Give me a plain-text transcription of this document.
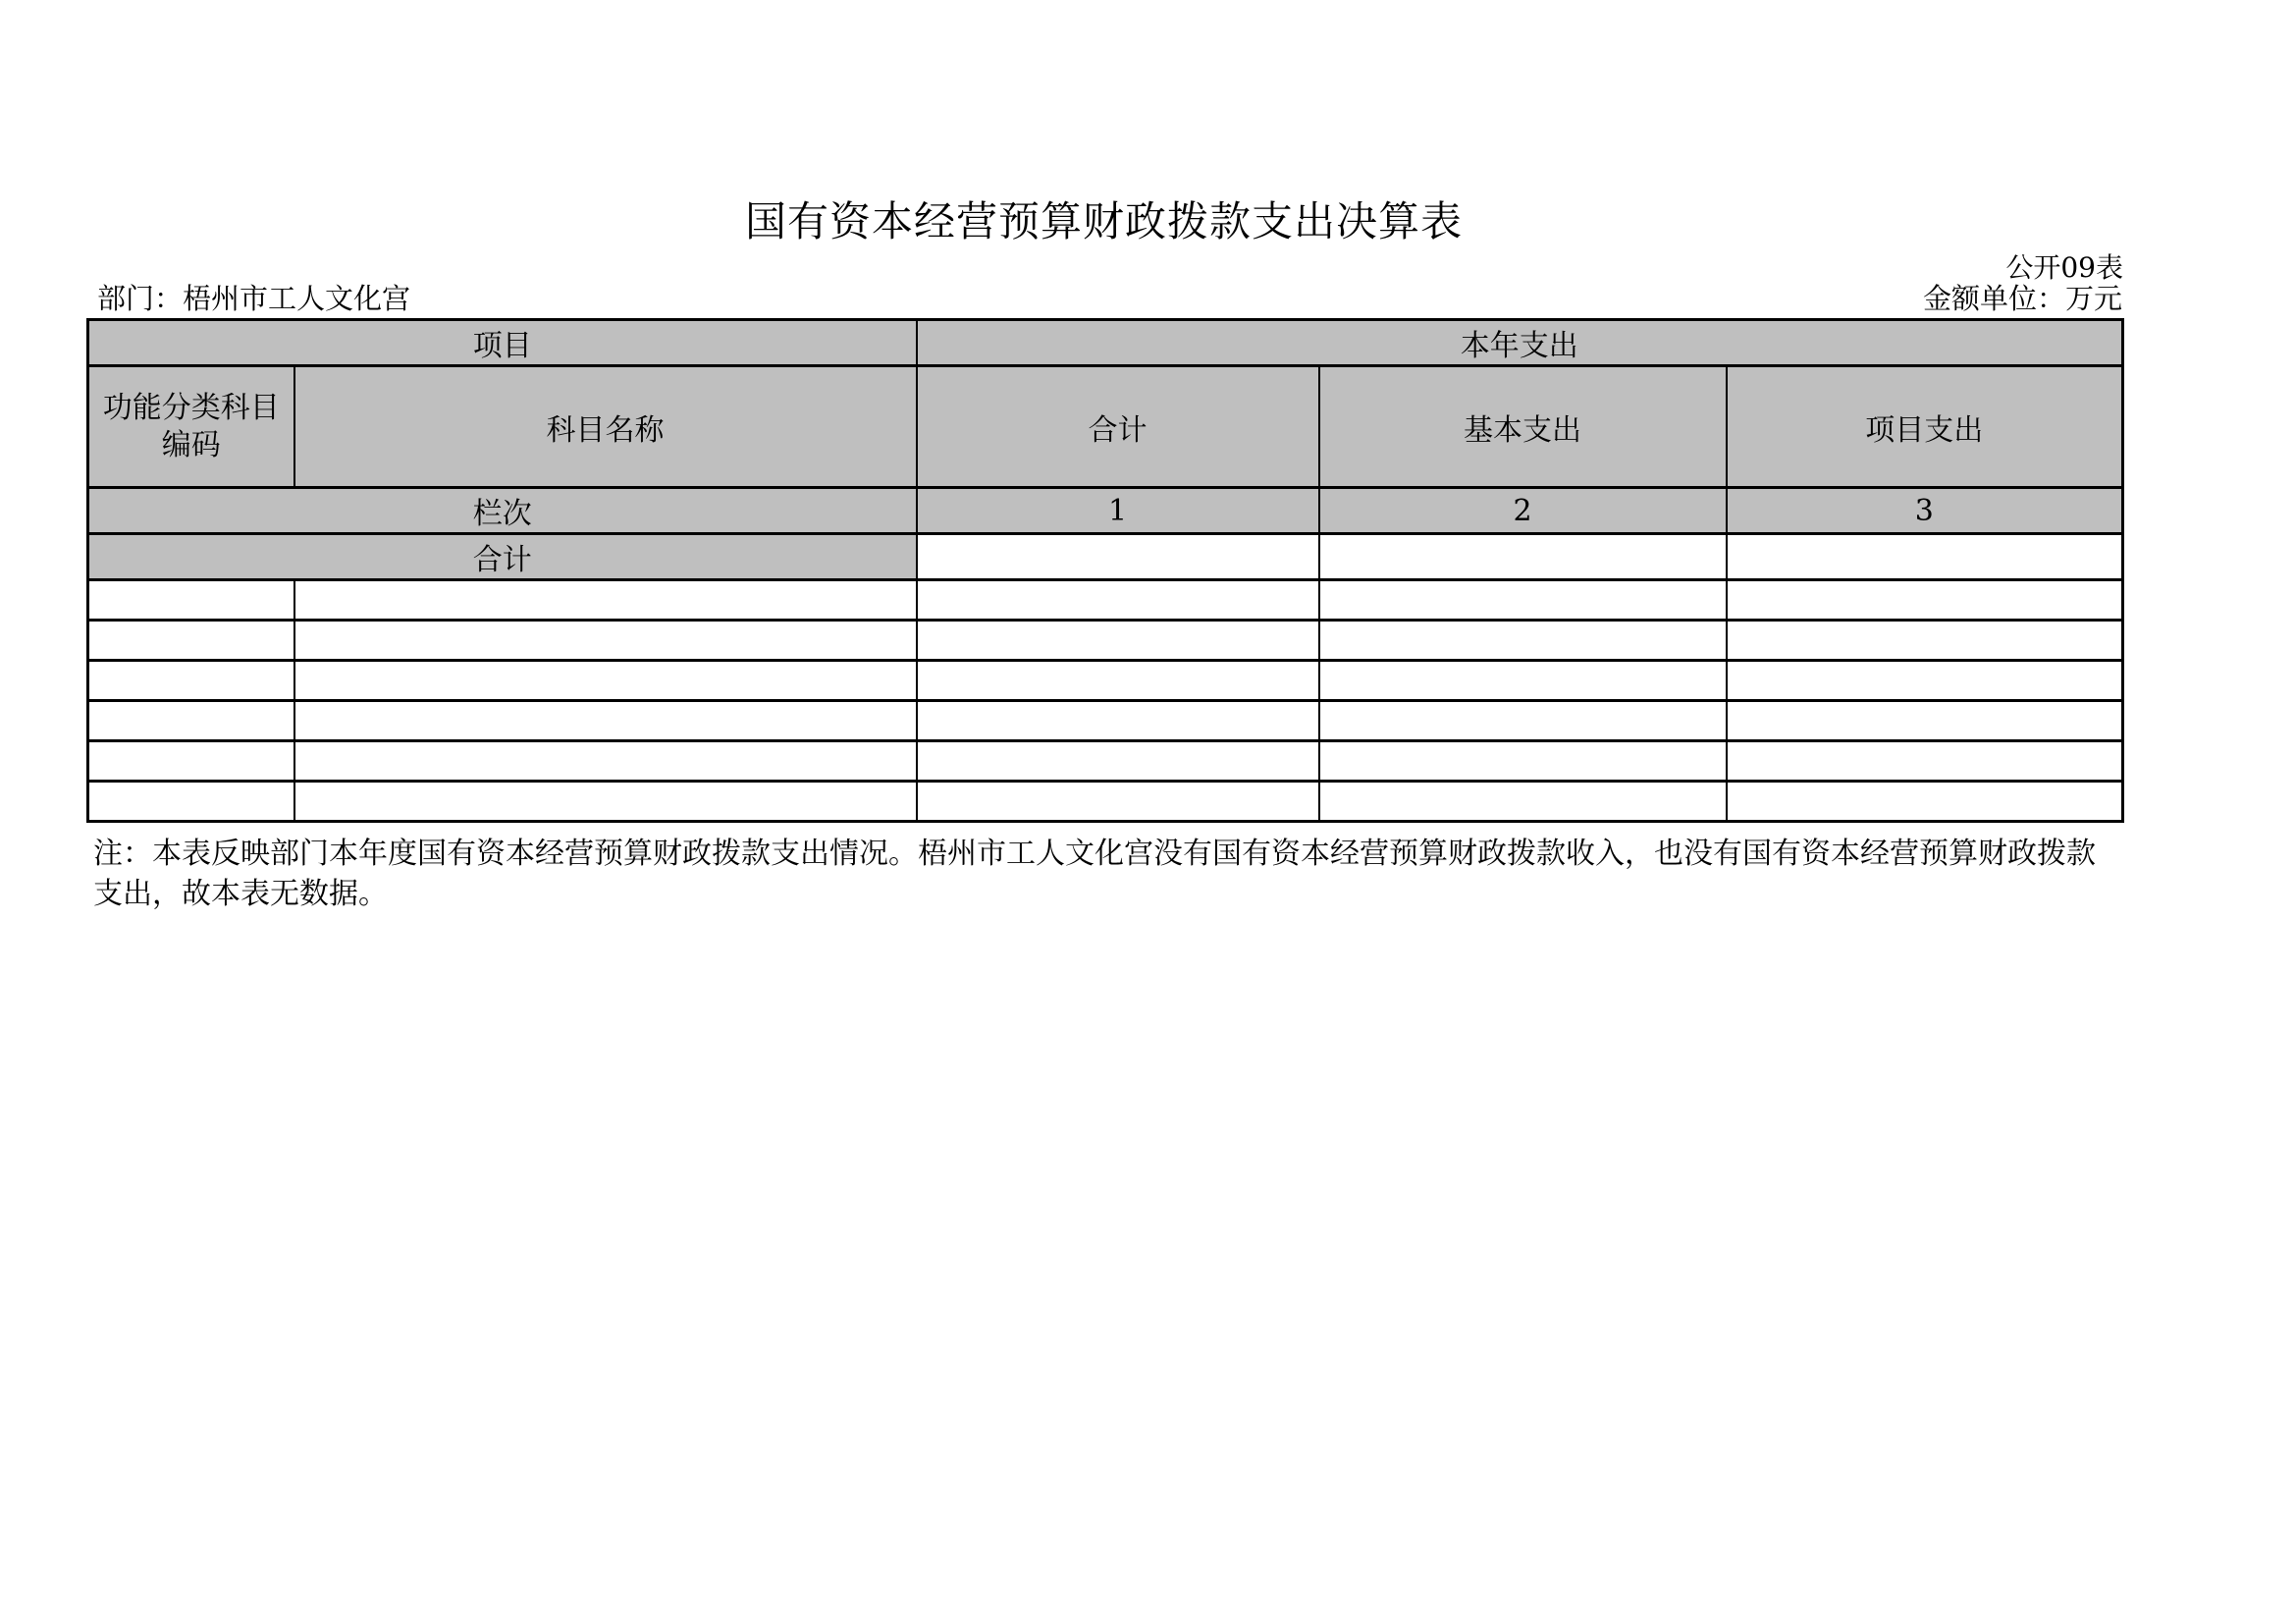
国有资本经营预算财政拨款支出决算表
公开09表
部门：梧州市工人文化宫	金额单位：万元
项目		本年支出		
功能分类科目编码	科目名称	合计	基本支出	项目支出
栏次		1	2	3
合计				

注：本表反映部门本年度国有资本经营预算财政拨款支出情况。梧州市工人文化宫没有国有资本经营预算财政拨款收入，也没有国有资本经营预算财政拨款支出，故本表无数据。
